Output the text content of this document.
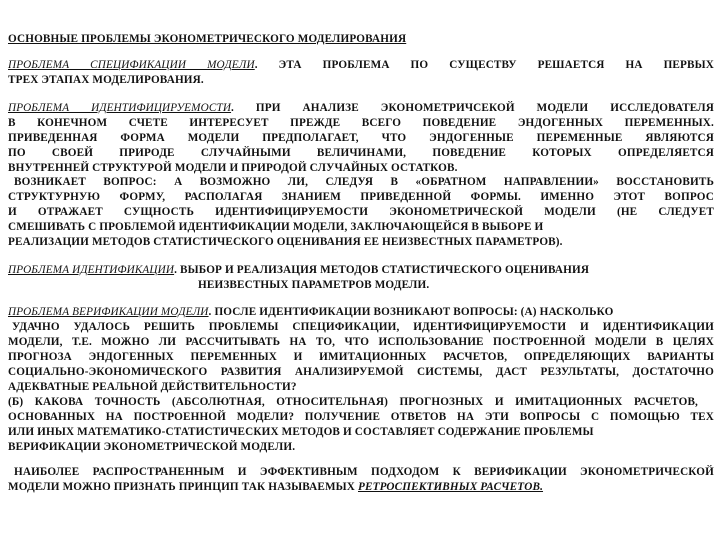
ОСНОВНЫЕ ПРОБЛЕМЫ ЭКОНОМЕТРИЧЕСКОГО МОДЕЛИРОВАНИЯ
ПРОБЛЕМА СПЕЦИФИКАЦИИ МОДЕЛИ. ЭТА ПРОБЛЕМА ПО СУЩЕСТВУ РЕШАЕТСЯ НА ПЕРВЫХ
ТРЕХ ЭТАПАХ МОДЕЛИРОВАНИЯ.
ПРОБЛЕМА ИДЕНТИФИЦИРУЕМОСТИ. ПРИ АНАЛИЗЕ ЭКОНОМЕТРИЧСЕКОЙ МОДЕЛИ ИССЛЕДОВАТЕЛЯ
В КОНЕЧНОМ СЧЕТЕ ИНТЕРЕСУЕТ ПРЕЖДЕ ВСЕГО ПОВЕДЕНИЕ ЭНДОГЕННЫХ ПЕРЕМЕННЫХ.
ПРИВЕДЕННАЯ ФОРМА МОДЕЛИ ПРЕДПОЛАГАЕТ, ЧТО ЭНДОГЕННЫЕ ПЕРЕМЕННЫЕ ЯВЛЯЮТСЯ
ПО СВОЕЙ ПРИРОДЕ СЛУЧАЙНЫМИ ВЕЛИЧИНАМИ, ПОВЕДЕНИЕ КОТОРЫХ ОПРЕДЕЛЯЕТСЯ
ВНУТРЕННЕЙ СТРУКТУРОЙ МОДЕЛИ И ПРИРОДОЙ СЛУЧАЙНЫХ ОСТАТКОВ.
ВОЗНИКАЕТ ВОПРОС: А ВОЗМОЖНО ЛИ, СЛЕДУЯ В «ОБРАТНОМ НАПРАВЛЕНИИ» ВОССТАНОВИТЬ
СТРУКТУРНУЮ ФОРМУ, РАСПОЛАГАЯ ЗНАНИЕМ ПРИВЕДЕННОЙ ФОРМЫ. ИМЕННО ЭТОТ ВОПРОС
И ОТРАЖАЕТ СУЩНОСТЬ ИДЕНТИФИЦИРУЕМОСТИ ЭКОНОМЕТРИЧЕСКОЙ МОДЕЛИ (НЕ СЛЕДУЕТ
СМЕШИВАТЬ С ПРОБЛЕМОЙ ИДЕНТИФИКАЦИИ МОДЕЛИ, ЗАКЛЮЧАЮЩЕЙСЯ В ВЫБОРЕ И
РЕАЛИЗАЦИИ МЕТОДОВ СТАТИСТИЧЕСКОГО ОЦЕНИВАНИЯ ЕЕ НЕИЗВЕСТНЫХ ПАРАМЕТРОВ).
ПРОБЛЕМА ИДЕНТИФИКАЦИИ. ВЫБОР И РЕАЛИЗАЦИЯ МЕТОДОВ СТАТИСТИЧЕСКОГО ОЦЕНИВАНИЯ
НЕИЗВЕСТНЫХ ПАРАМЕТРОВ МОДЕЛИ.
ПРОБЛЕМА ВЕРИФИКАЦИИ МОДЕЛИ. ПОСЛЕ ИДЕНТИФИКАЦИИ ВОЗНИКАЮТ ВОПРОСЫ: (А) НАСКОЛЬКО
УДАЧНО УДАЛОСЬ РЕШИТЬ ПРОБЛЕМЫ СПЕЦИФИКАЦИИ, ИДЕНТИФИЦИРУЕМОСТИ И ИДЕНТИФИКАЦИИ
МОДЕЛИ, Т.Е. МОЖНО ЛИ РАССЧИТЫВАТЬ НА ТО, ЧТО ИСПОЛЬЗОВАНИЕ ПОСТРОЕННОЙ МОДЕЛИ В ЦЕЛЯХ
ПРОГНОЗА ЭНДОГЕННЫХ ПЕРЕМЕННЫХ И ИМИТАЦИОННЫХ РАСЧЕТОВ, ОПРЕДЕЛЯЮЩИХ ВАРИАНТЫ
СОЦИАЛЬНО-ЭКОНОМИЧЕСКОГО РАЗВИТИЯ АНАЛИЗИРУЕМОЙ СИСТЕМЫ, ДАСТ РЕЗУЛЬТАТЫ, ДОСТАТОЧНО
АДЕКВАТНЫЕ РЕАЛЬНОЙ ДЕЙСТВИТЕЛЬНОСТИ?
(Б) КАКОВА ТОЧНОСТЬ (АБСОЛЮТНАЯ, ОТНОСИТЕЛЬНАЯ) ПРОГНОЗНЫХ И ИМИТАЦИОННЫХ РАСЧЕТОВ,
ОСНОВАННЫХ НА ПОСТРОЕННОЙ МОДЕЛИ? ПОЛУЧЕНИЕ ОТВЕТОВ НА ЭТИ ВОПРОСЫ С ПОМОЩЬЮ ТЕХ
ИЛИ ИНЫХ МАТЕМАТИКО-СТАТИСТИЧЕСКИХ МЕТОДОВ И СОСТАВЛЯЕТ СОДЕРЖАНИЕ ПРОБЛЕМЫ
ВЕРИФИКАЦИИ ЭКОНОМЕТРИЧЕСКОЙ МОДЕЛИ.
НАИБОЛЕЕ РАСПРОСТРАНЕННЫМ И ЭФФЕКТИВНЫМ ПОДХОДОМ К ВЕРИФИКАЦИИ ЭКОНОМЕТРИЧЕСКОЙ
МОДЕЛИ МОЖНО ПРИЗНАТЬ ПРИНЦИП ТАК НАЗЫВАЕМЫХ РЕТРОСПЕКТИВНЫХ РАСЧЕТОВ.
